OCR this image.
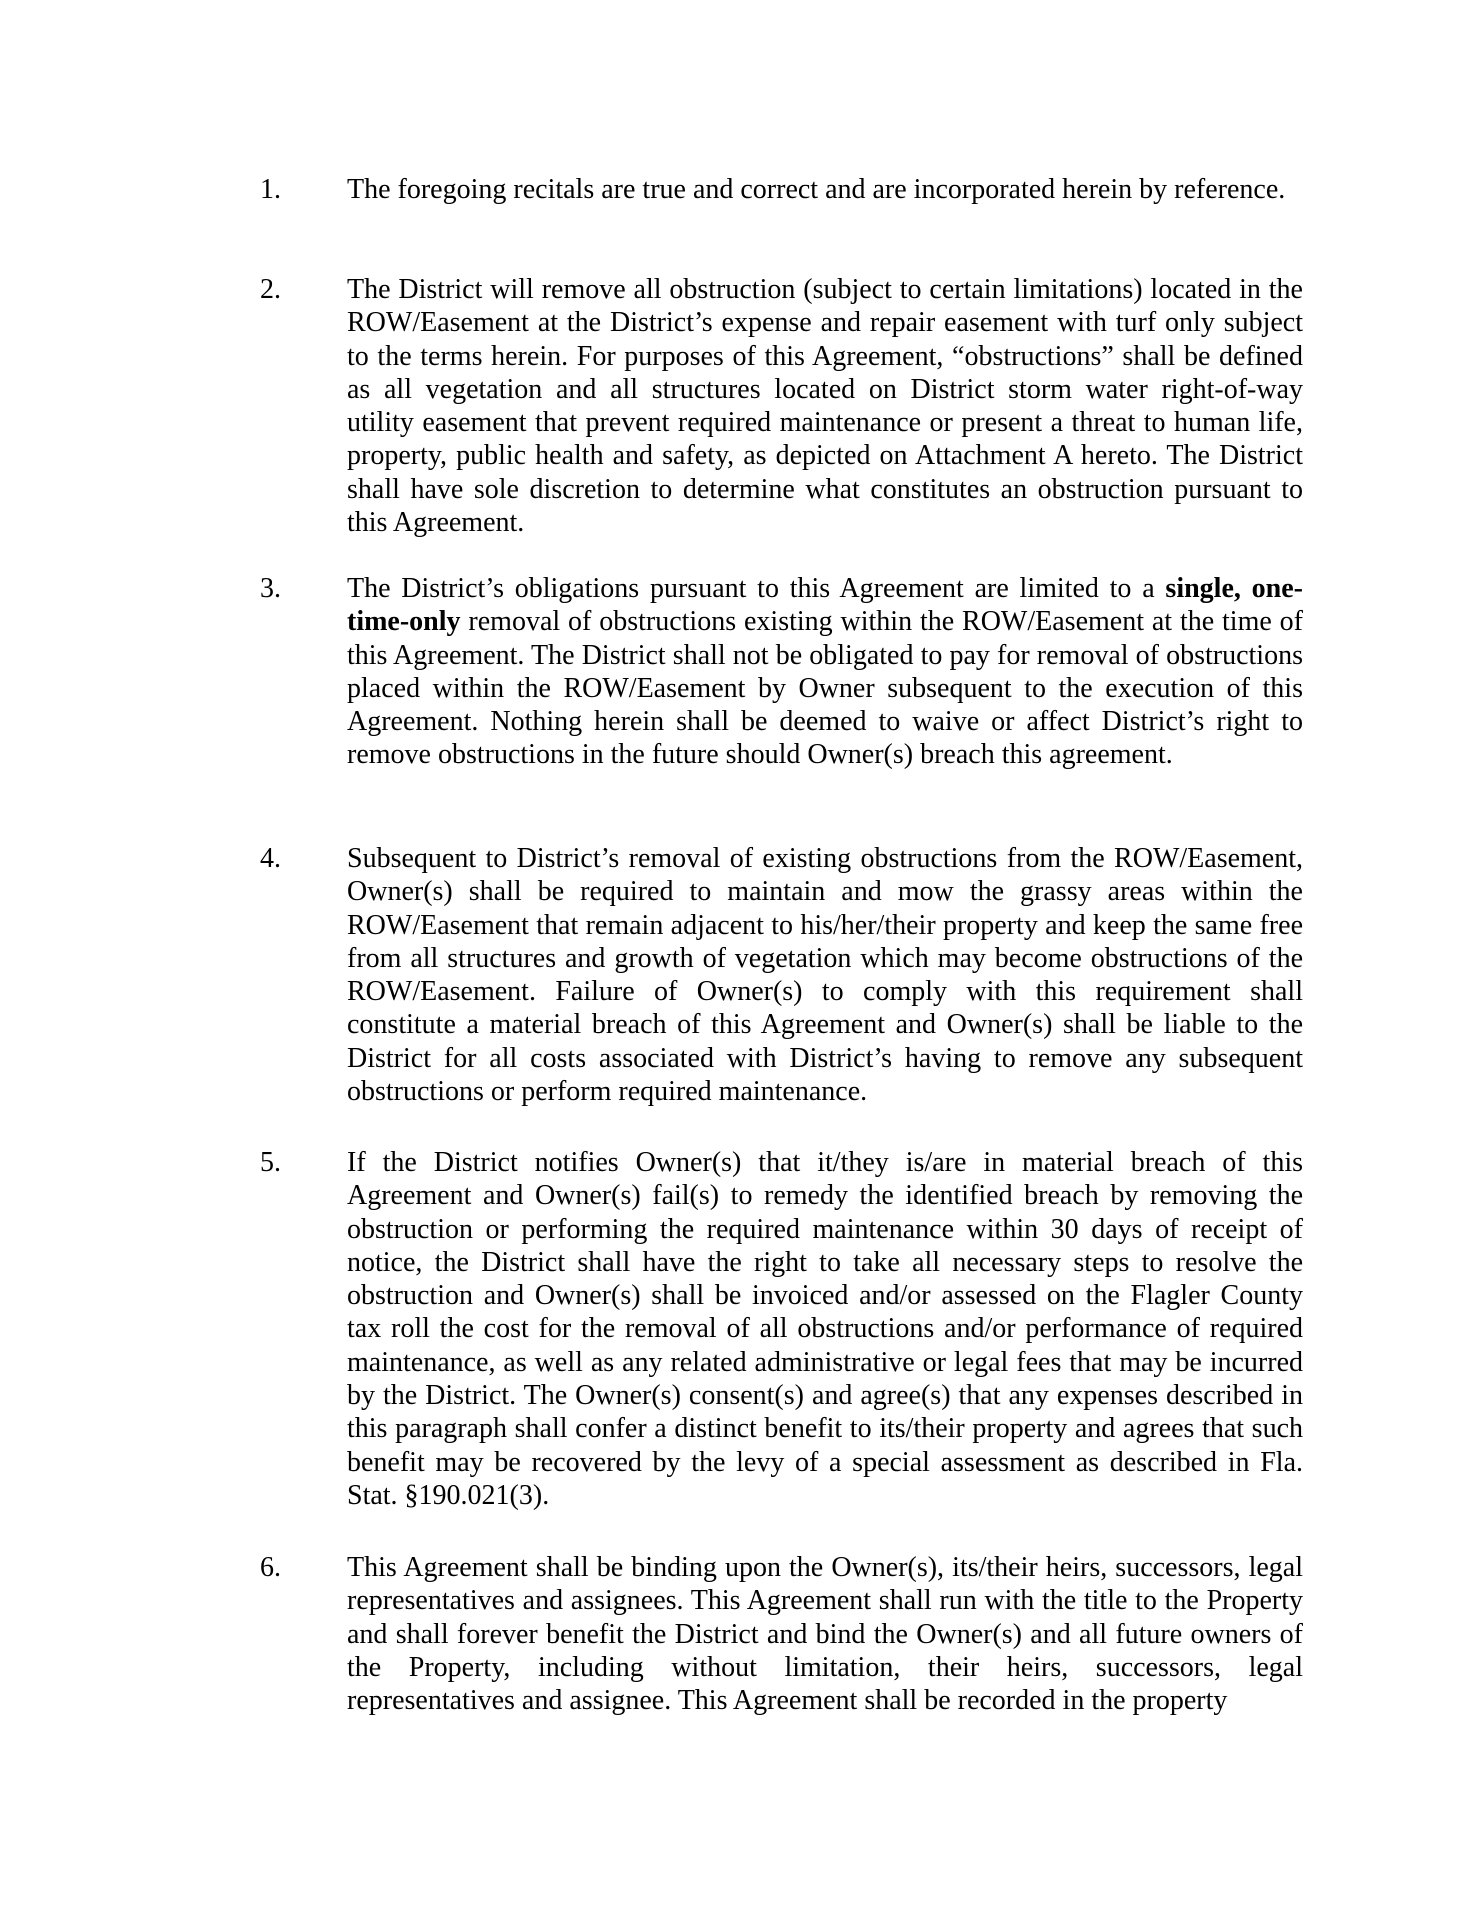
1. The foregoing recitals are true and correct and are incorporated herein by reference.
2. The District will remove all obstruction (subject to certain limitations) located in the ROW/Easement at the District’s expense and repair easement with turf only subject to the terms herein. For purposes of this Agreement, “obstructions” shall be defined as all vegetation and all structures located on District storm water right-of-way utility easement that prevent required maintenance or present a threat to human life, property, public health and safety, as depicted on Attachment A hereto. The District shall have sole discretion to determine what constitutes an obstruction pursuant to this Agreement.
3. The District’s obligations pursuant to this Agreement are limited to a single, one-time-only removal of obstructions existing within the ROW/Easement at the time of this Agreement. The District shall not be obligated to pay for removal of obstructions placed within the ROW/Easement by Owner subsequent to the execution of this Agreement. Nothing herein shall be deemed to waive or affect District’s right to remove obstructions in the future should Owner(s) breach this agreement.
4. Subsequent to District’s removal of existing obstructions from the ROW/Easement, Owner(s) shall be required to maintain and mow the grassy areas within the ROW/Easement that remain adjacent to his/her/their property and keep the same free from all structures and growth of vegetation which may become obstructions of the ROW/Easement. Failure of Owner(s) to comply with this requirement shall constitute a material breach of this Agreement and Owner(s) shall be liable to the District for all costs associated with District’s having to remove any subsequent obstructions or perform required maintenance.
5. If the District notifies Owner(s) that it/they is/are in material breach of this Agreement and Owner(s) fail(s) to remedy the identified breach by removing the obstruction or performing the required maintenance within 30 days of receipt of notice, the District shall have the right to take all necessary steps to resolve the obstruction and Owner(s) shall be invoiced and/or assessed on the Flagler County tax roll the cost for the removal of all obstructions and/or performance of required maintenance, as well as any related administrative or legal fees that may be incurred by the District. The Owner(s) consent(s) and agree(s) that any expenses described in this paragraph shall confer a distinct benefit to its/their property and agrees that such benefit may be recovered by the levy of a special assessment as described in Fla. Stat. §190.021(3).
6. This Agreement shall be binding upon the Owner(s), its/their heirs, successors, legal representatives and assignees. This Agreement shall run with the title to the Property and shall forever benefit the District and bind the Owner(s) and all future owners of the Property, including without limitation, their heirs, successors, legal representatives and assignee. This Agreement shall be recorded in the property
